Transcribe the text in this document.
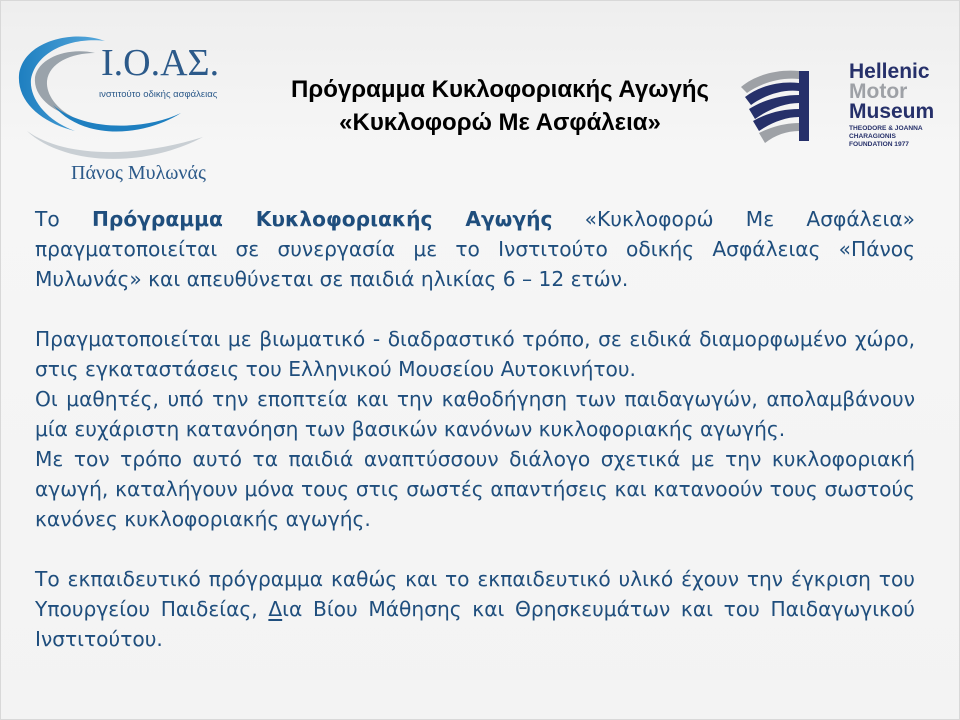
Ι.Ο.ΑΣ.
ινστιτούτο οδικής ασφάλειας
Πάνος Μυλωνάς
Hellenic
Motor
Museum
THEODORE & JOANNA
CHARAGIONIS
FOUNDATION 1977
Πρόγραμμα Κυκλοφοριακής Αγωγής
«Κυκλοφορώ Με Ασφάλεια»

Το Πρόγραμμα Κυκλοφοριακής Αγωγής «Κυκλοφορώ Με Ασφάλεια» πραγματοποιείται σε συνεργασία με το Ινστιτούτο οδικής Ασφάλειας «Πάνος Μυλωνάς» και απευθύνεται σε παιδιά ηλικίας 6 – 12 ετών.

Πραγματοποιείται με βιωματικό - διαδραστικό τρόπο, σε ειδικά διαμορφωμένο χώρο, στις εγκαταστάσεις του Ελληνικού Μουσείου Αυτοκινήτου.

Οι μαθητές, υπό την εποπτεία και την καθοδήγηση των παιδαγωγών, απολαμβάνουν μία ευχάριστη κατανόηση των βασικών κανόνων κυκλοφοριακής αγωγής.

Με τον τρόπο αυτό τα παιδιά αναπτύσσουν διάλογο σχετικά με την κυκλοφοριακή αγωγή, καταλήγουν μόνα τους στις σωστές απαντήσεις και κατανοούν τους σωστούς κανόνες κυκλοφοριακής αγωγής.

Το εκπαιδευτικό πρόγραμμα καθώς και το εκπαιδευτικό υλικό έχουν την έγκριση του Υπουργείου Παιδείας, Δια Βίου Μάθησης και Θρησκευμάτων και του Παιδαγωγικού Ινστιτούτου.
